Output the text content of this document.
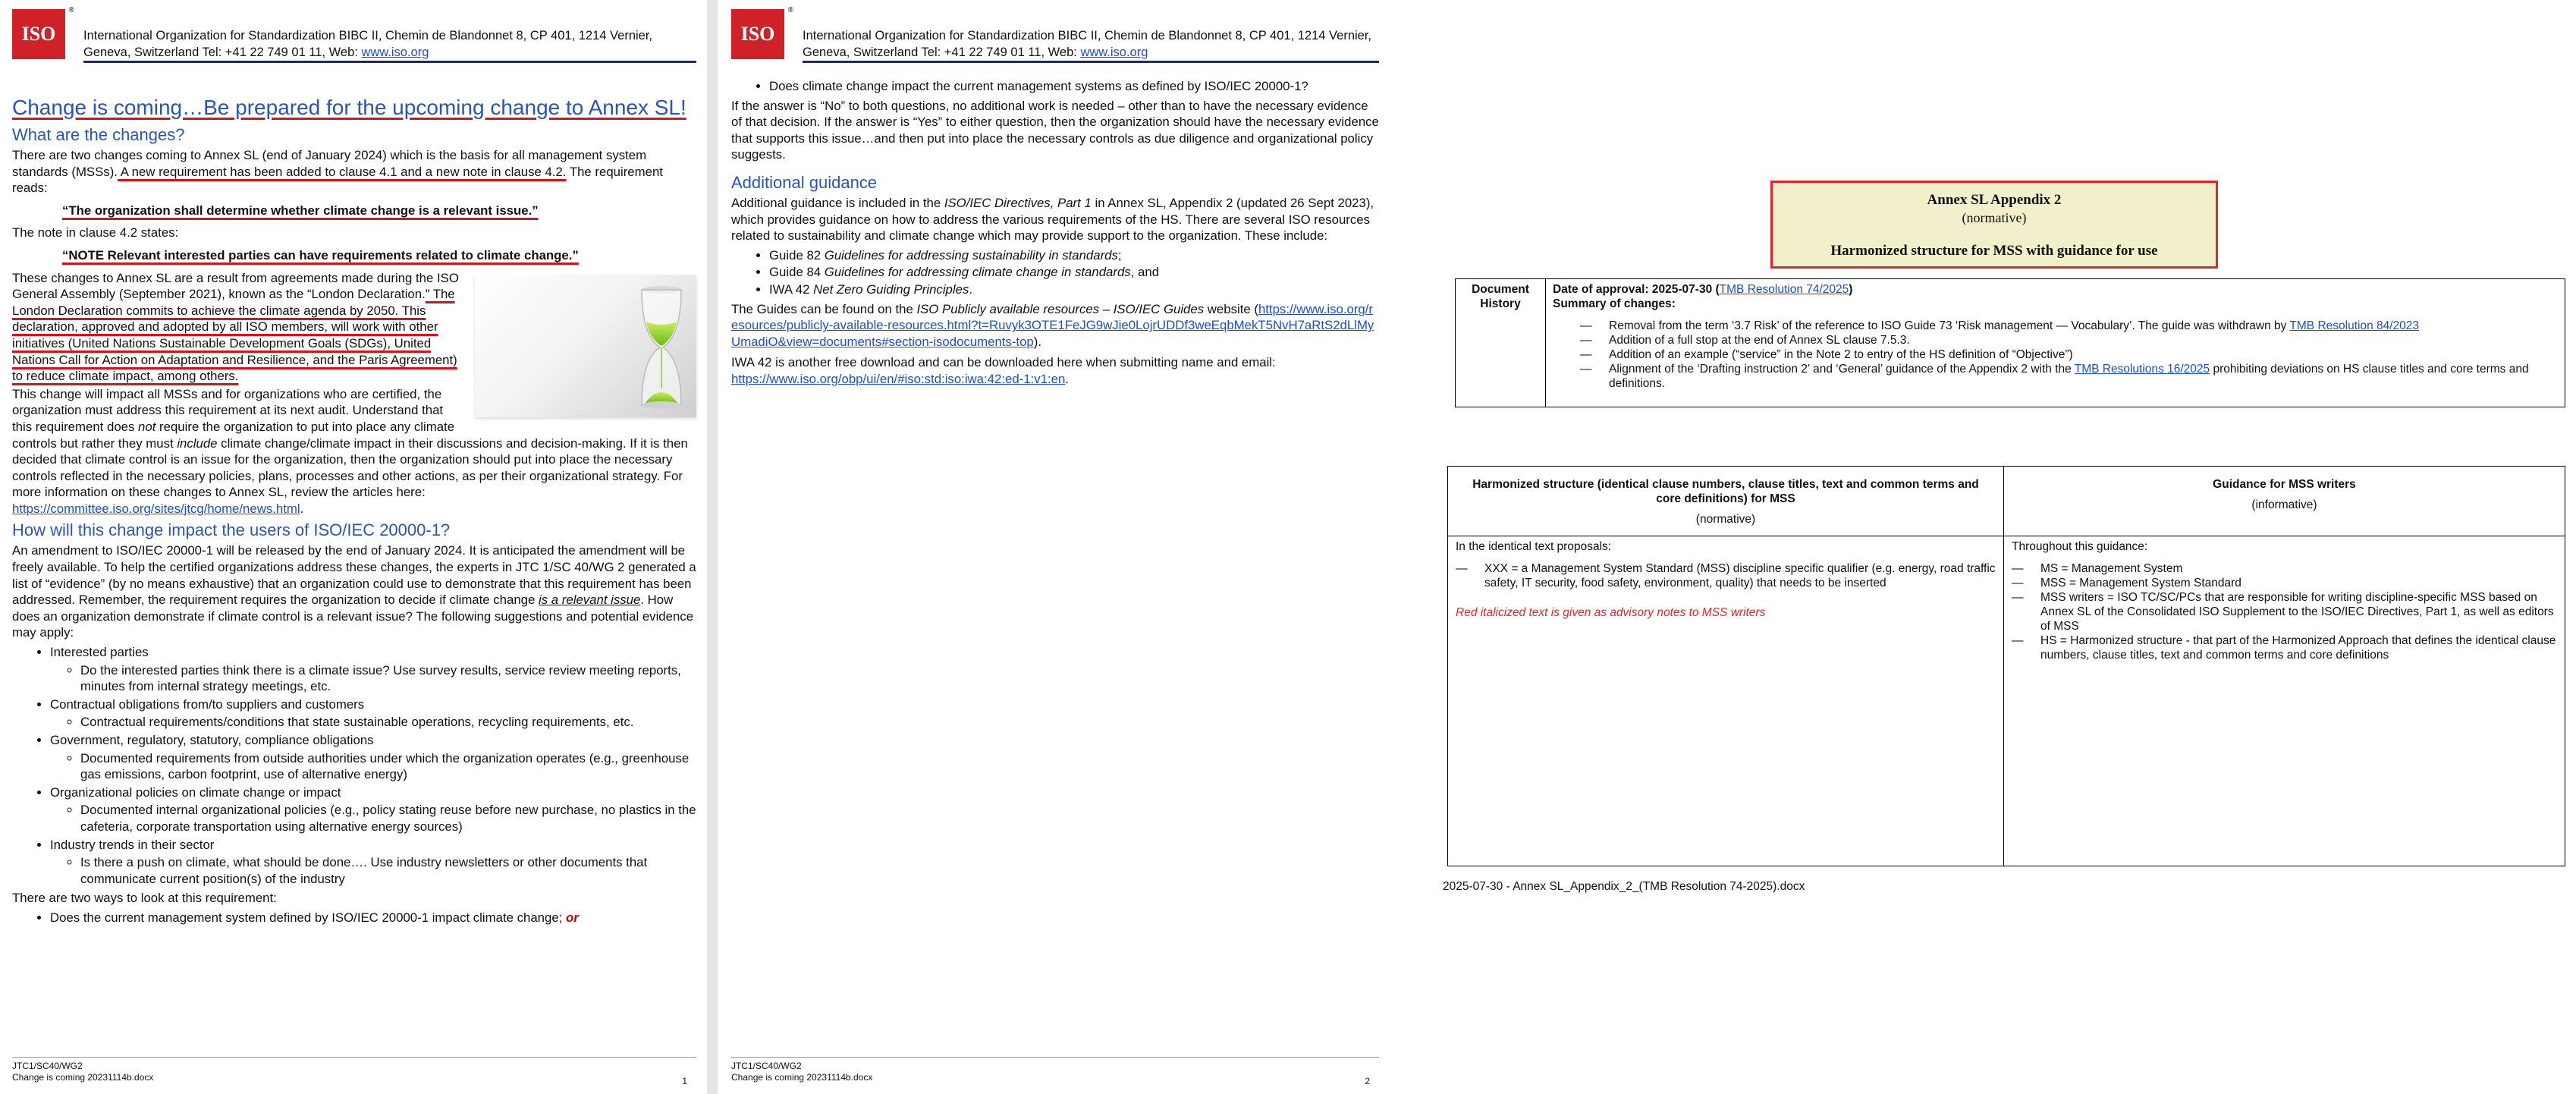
ISO
®
International Organization for Standardization BIBC II, Chemin de Blandonnet 8, CP 401, 1214 Vernier,
Geneva, Switzerland Tel: +41 22 749 01 11, Web: www.iso.org
Change is coming…Be prepared for the upcoming change to Annex SL!
What are the changes?

There are two changes coming to Annex SL (end of January 2024) which is the basis for all management system standards (MSSs). A new requirement has been added to clause 4.1 and a new note in clause 4.2. The requirement reads:

“The organization shall determine whether climate change is a relevant issue.”

The note in clause 4.2 states:

“NOTE Relevant interested parties can have requirements related to climate change.”

These changes to Annex SL are a result from agreements made during the ISO General Assembly (September 2021), known as the “London Declaration.” The London Declaration commits to achieve the climate agenda by 2050. This declaration, approved and adopted by all ISO members, will work with other initiatives (United Nations Sustainable Development Goals (SDGs), United Nations Call for Action on Adaptation and Resilience, and the Paris Agreement) to reduce climate impact, among others.

This change will impact all MSSs and for organizations who are certified, the organization must address this requirement at its next audit. Understand that this requirement does not require the organization to put into place any climate controls but rather they must include climate change/climate impact in their discussions and decision-making. If it is then decided that climate control is an issue for the organization, then the organization should put into place the necessary controls reflected in the necessary policies, plans, processes and other actions, as per their organizational strategy. For more information on these changes to Annex SL, review the articles here:
https://committee.iso.org/sites/jtcg/home/news.html.

How will this change impact the users of ISO/IEC 20000-1?

An amendment to ISO/IEC 20000-1 will be released by the end of January 2024. It is anticipated the amendment will be freely available. To help the certified organizations address these changes, the experts in JTC 1/SC 40/WG 2 generated a list of “evidence” (by no means exhaustive) that an organization could use to demonstrate that this requirement has been addressed. Remember, the requirement requires the organization to decide if climate change is a relevant issue. How does an organization demonstrate if climate control is a relevant issue? The following suggestions and potential evidence may apply:

• Interested parties
◦ Do the interested parties think there is a climate issue? Use survey results, service review meeting reports, minutes from internal strategy meetings, etc.
• Contractual obligations from/to suppliers and customers
◦ Contractual requirements/conditions that state sustainable operations, recycling requirements, etc.
• Government, regulatory, statutory, compliance obligations
◦ Documented requirements from outside authorities under which the organization operates (e.g., greenhouse gas emissions, carbon footprint, use of alternative energy)
• Organizational policies on climate change or impact
◦ Documented internal organizational policies (e.g., policy stating reuse before new purchase, no plastics in the cafeteria, corporate transportation using alternative energy sources)
• Industry trends in their sector
◦ Is there a push on climate, what should be done…. Use industry newsletters or other documents that communicate current position(s) of the industry

There are two ways to look at this requirement:

• Does the current management system defined by ISO/IEC 20000-1 impact climate change; or
JTC1/SC40/WG2
Change is coming 20231114b.docx	1
ISO
®
International Organization for Standardization BIBC II, Chemin de Blandonnet 8, CP 401, 1214 Vernier,
Geneva, Switzerland Tel: +41 22 749 01 11, Web: www.iso.org
• Does climate change impact the current management systems as defined by ISO/IEC 20000-1?

If the answer is “No” to both questions, no additional work is needed – other than to have the necessary evidence of that decision. If the answer is “Yes” to either question, then the organization should have the necessary evidence that supports this issue…and then put into place the necessary controls as due diligence and organizational policy suggests.

Additional guidance

Additional guidance is included in the ISO/IEC Directives, Part 1 in Annex SL, Appendix 2 (updated 26 Sept 2023), which provides guidance on how to address the various requirements of the HS. There are several ISO resources related to sustainability and climate change which may provide support to the organization. These include:

• Guide 82 Guidelines for addressing sustainability in standards;
• Guide 84 Guidelines for addressing climate change in standards, and
• IWA 42 Net Zero Guiding Principles.

The Guides can be found on the ISO Publicly available resources – ISO/IEC Guides website (https://www.iso.org/resources/publicly-available-resources.html?t=Ruvyk3OTE1FeJG9wJie0LojrUDDf3weEqbMekT5NvH7aRtS2dLlMyUmadiO&view=documents#section-isodocuments-top).

IWA 42 is another free download and can be downloaded here when submitting name and email:
https://www.iso.org/obp/ui/en/#iso:std:iso:iwa:42:ed-1:v1:en.

JTC1/SC40/WG2
Change is coming 20231114b.docx	2
Annex SL Appendix 2
(normative)
Harmonized structure for MSS with guidance for use
Document History
Date of approval: 2025-07-30 (TMB Resolution 74/2025)
Summary of changes:
— Removal from the term ‘3.7 Risk’ of the reference to ISO Guide 73 ‘Risk management — Vocabulary’. The guide was withdrawn by TMB Resolution 84/2023
— Addition of a full stop at the end of Annex SL clause 7.5.3.
— Addition of an example (“service” in the Note 2 to entry of the HS definition of “Objective”)
— Alignment of the ‘Drafting instruction 2’ and ‘General’ guidance of the Appendix 2 with the TMB Resolutions 16/2025 prohibiting deviations on HS clause titles and core terms and definitions.
Harmonized structure (identical clause numbers, clause titles, text and common terms and core definitions) for MSS
(normative)
In the identical text proposals:
— XXX = a Management System Standard (MSS) discipline specific qualifier (e.g. energy, road traffic safety, IT security, food safety, environment, quality) that needs to be inserted
Red italicized text is given as advisory notes to MSS writers
Guidance for MSS writers
(informative)
Throughout this guidance:
— MS = Management System
— MSS = Management System Standard
— MSS writers = ISO TC/SC/PCs that are responsible for writing discipline-specific MSS based on Annex SL of the Consolidated ISO Supplement to the ISO/IEC Directives, Part 1, as well as editors of MSS
— HS = Harmonized structure - that part of the Harmonized Approach that defines the identical clause numbers, clause titles, text and common terms and core definitions
2025-07-30 - Annex SL_Appendix_2_(TMB Resolution 74-2025).docx
